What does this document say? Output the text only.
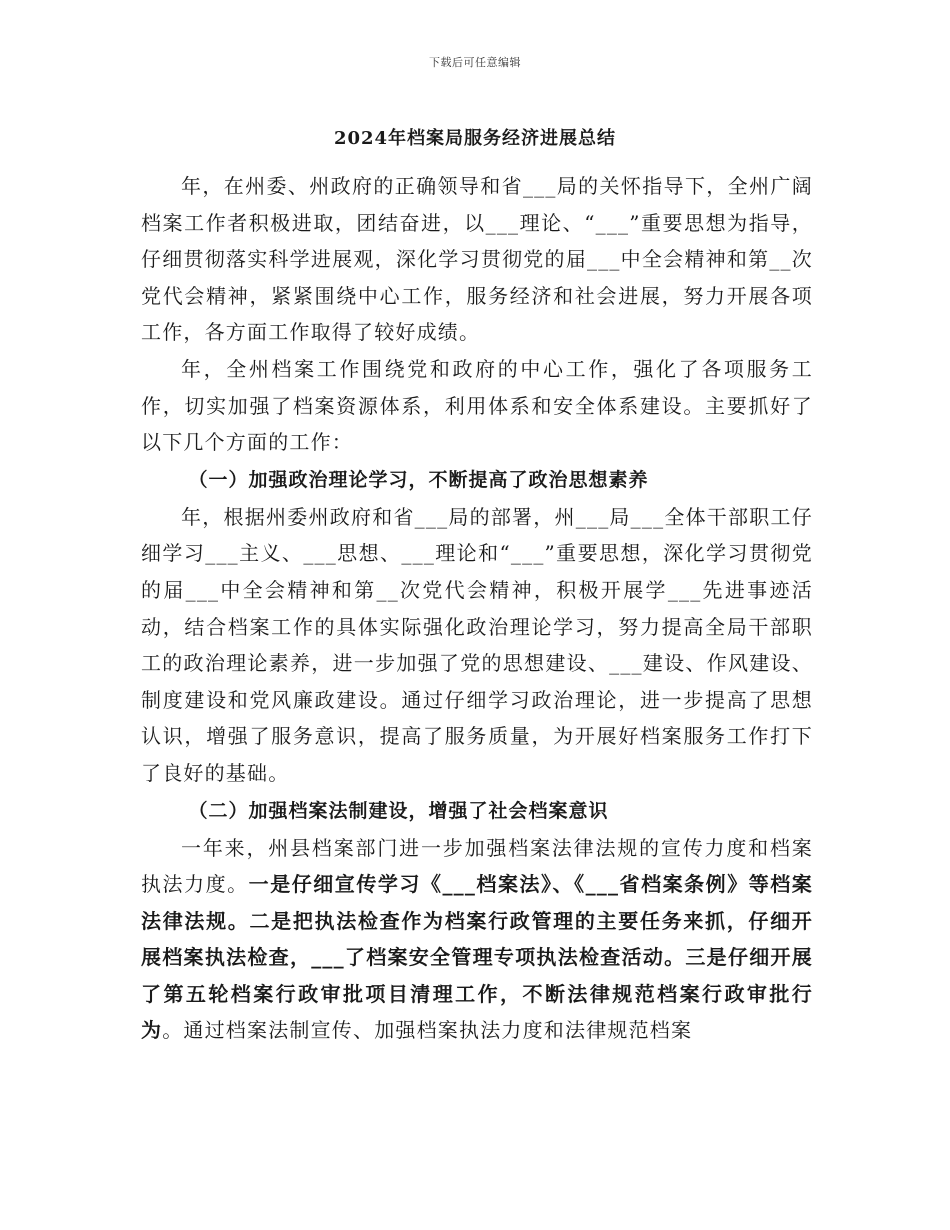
下载后可任意编辑
2024年档案局服务经济进展总结

年，在州委、州政府的正确领导和省___局的关怀指导下，全州广阔档案工作者积极进取，团结奋进，以___理论、“___”重要思想为指导，仔细贯彻落实科学进展观，深化学习贯彻党的届___中全会精神和第__次党代会精神，紧紧围绕中心工作，服务经济和社会进展，努力开展各项工作，各方面工作取得了较好成绩。

年，全州档案工作围绕党和政府的中心工作，强化了各项服务工作，切实加强了档案资源体系，利用体系和安全体系建设。主要抓好了以下几个方面的工作：

（一）加强政治理论学习，不断提高了政治思想素养

年，根据州委州政府和省___局的部署，州___局___全体干部职工仔细学习___主义、___思想、___理论和“___”重要思想，深化学习贯彻党的届___中全会精神和第__次党代会精神，积极开展学___先进事迹活动，结合档案工作的具体实际强化政治理论学习，努力提高全局干部职工的政治理论素养，进一步加强了党的思想建设、___建设、作风建设、制度建设和党风廉政建设。通过仔细学习政治理论，进一步提高了思想认识，增强了服务意识，提高了服务质量，为开展好档案服务工作打下了良好的基础。

（二）加强档案法制建设，增强了社会档案意识

一年来，州县档案部门进一步加强档案法律法规的宣传力度和档案执法力度。一是仔细宣传学习《___档案法》、《___省档案条例》等档案法律法规。二是把执法检查作为档案行政管理的主要任务来抓，仔细开展档案执法检查，___了档案安全管理专项执法检查活动。三是仔细开展了第五轮档案行政审批项目清理工作，不断法律规范档案行政审批行为。通过档案法制宣传、加强档案执法力度和法律规范档案
